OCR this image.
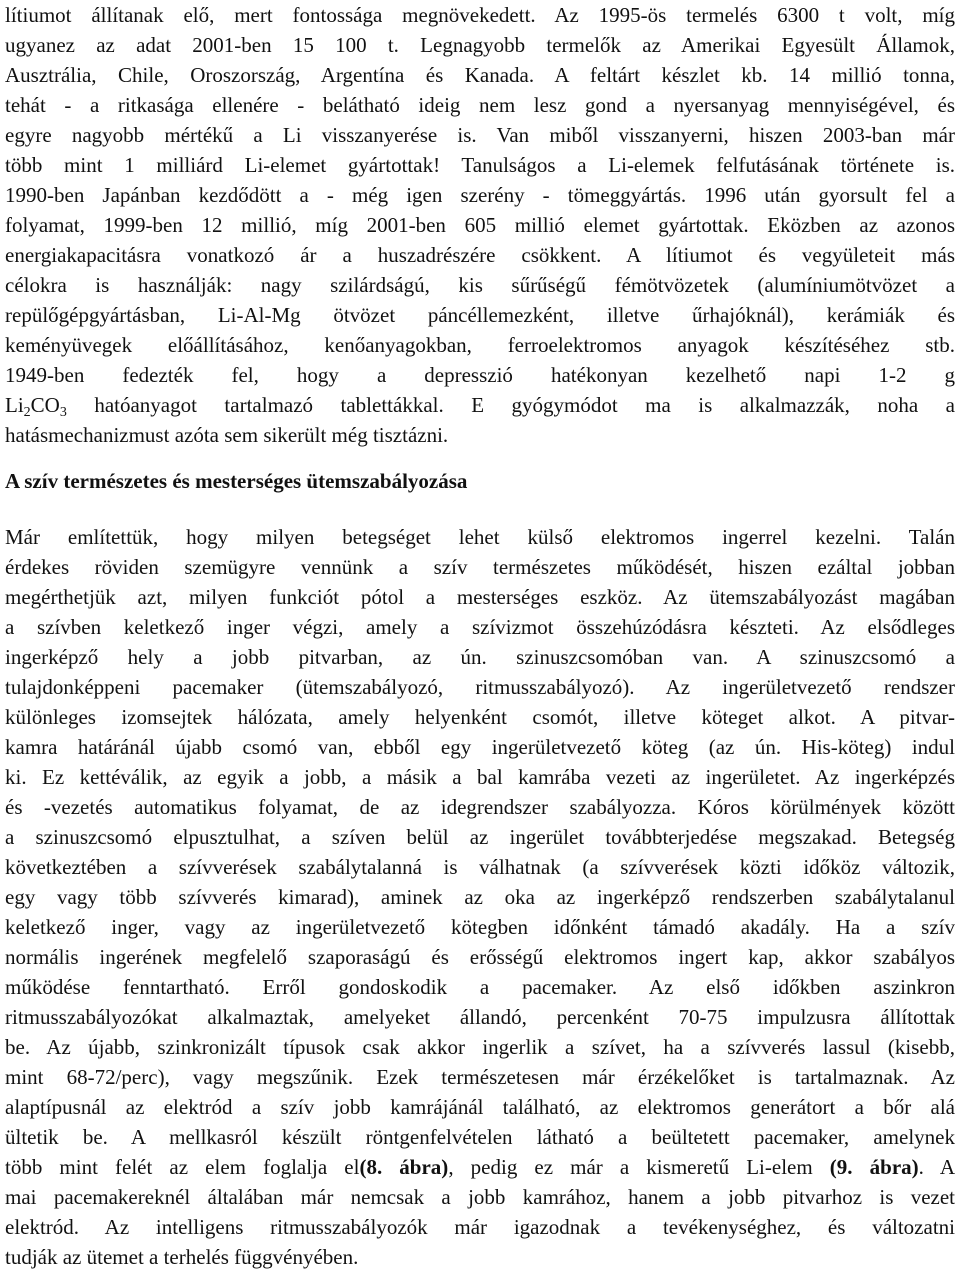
lítiumot állítanak elő, mert fontossága megnövekedett. Az 1995-ös termelés 6300 t volt, míg
ugyanez az adat 2001-ben 15 100 t. Legnagyobb termelők az Amerikai Egyesült Államok,
Ausztrália, Chile, Oroszország, Argentína és Kanada. A feltárt készlet kb. 14 millió tonna,
tehát - a ritkasága ellenére - belátható ideig nem lesz gond a nyersanyag mennyiségével, és
egyre nagyobb mértékű a Li visszanyerése is. Van miből visszanyerni, hiszen 2003-ban már
több mint 1 milliárd Li-elemet gyártottak! Tanulságos a Li-elemek felfutásának története is.
1990-ben Japánban kezdődött a - még igen szerény - tömeggyártás. 1996 után gyorsult fel a
folyamat, 1999-ben 12 millió, míg 2001-ben 605 millió elemet gyártottak. Eközben az azonos
energiakapacitásra vonatkozó ár a huszadrészére csökkent. A lítiumot és vegyületeit más
célokra is használják: nagy szilárdságú, kis sűrűségű fémötvözetek (alumíniumötvözet a
repülőgépgyártásban, Li-Al-Mg ötvözet páncéllemezként, illetve űrhajóknál), kerámiák és
keményüvegek előállításához, kenőanyagokban, ferroelektromos anyagok készítéséhez stb.
1949-ben fedezték fel, hogy a depresszió hatékonyan kezelhető napi 1-2 g
$Li_2CO_3$ hatóanyagot tartalmazó tablettákkal. E gyógymódot ma is alkalmazzák, noha a
hatásmechanizmust azóta sem sikerült még tisztázni.
A szív természetes és mesterséges ütemszabályozása
Már említettük, hogy milyen betegséget lehet külső elektromos ingerrel kezelni. Talán
érdekes röviden szemügyre vennünk a szív természetes működését, hiszen ezáltal jobban
megérthetjük azt, milyen funkciót pótol a mesterséges eszköz. Az ütemszabályozást magában
a szívben keletkező inger végzi, amely a szívizmot összehúzódásra készteti. Az elsődleges
ingerképző hely a jobb pitvarban, az ún. szinuszcsomóban van. A szinuszcsomó a
tulajdonképpeni pacemaker (ütemszabályozó, ritmusszabályozó). Az ingerületvezető rendszer
különleges izomsejtek hálózata, amely helyenként csomót, illetve köteget alkot. A pitvar-
kamra határánál újabb csomó van, ebből egy ingerületvezető köteg (az ún. His-köteg) indul
ki. Ez kettéválik, az egyik a jobb, a másik a bal kamrába vezeti az ingerületet. Az ingerképzés
és -vezetés automatikus folyamat, de az idegrendszer szabályozza. Kóros körülmények között
a szinuszcsomó elpusztulhat, a szíven belül az ingerület továbbterjedése megszakad. Betegség
következtében a szívverések szabálytalanná is válhatnak (a szívverések közti időköz változik,
egy vagy több szívverés kimarad), aminek az oka az ingerképző rendszerben szabálytalanul
keletkező inger, vagy az ingerületvezető kötegben időnként támadó akadály. Ha a szív
normális ingerének megfelelő szaporaságú és erősségű elektromos ingert kap, akkor szabályos
működése fenntartható. Erről gondoskodik a pacemaker. Az első időkben aszinkron
ritmusszabályozókat alkalmaztak, amelyeket állandó, percenként 70-75 impulzusra állítottak
be. Az újabb, szinkronizált típusok csak akkor ingerlik a szívet, ha a szívverés lassul (kisebb,
mint 68-72/perc), vagy megszűnik. Ezek természetesen már érzékelőket is tartalmaznak. Az
alaptípusnál az elektród a szív jobb kamrájánál található, az elektromos generátort a bőr alá
ültetik be. A mellkasról készült röntgenfelvételen látható a beültetett pacemaker, amelynek
több mint felét az elem foglalja el(8. ábra), pedig ez már a kismeretű Li-elem (9. ábra). A
mai pacemakereknél általában már nemcsak a jobb kamrához, hanem a jobb pitvarhoz is vezet
elektród. Az intelligens ritmusszabályozók már igazodnak a tevékenységhez, és változatni
tudják az ütemet a terhelés függvényében.
